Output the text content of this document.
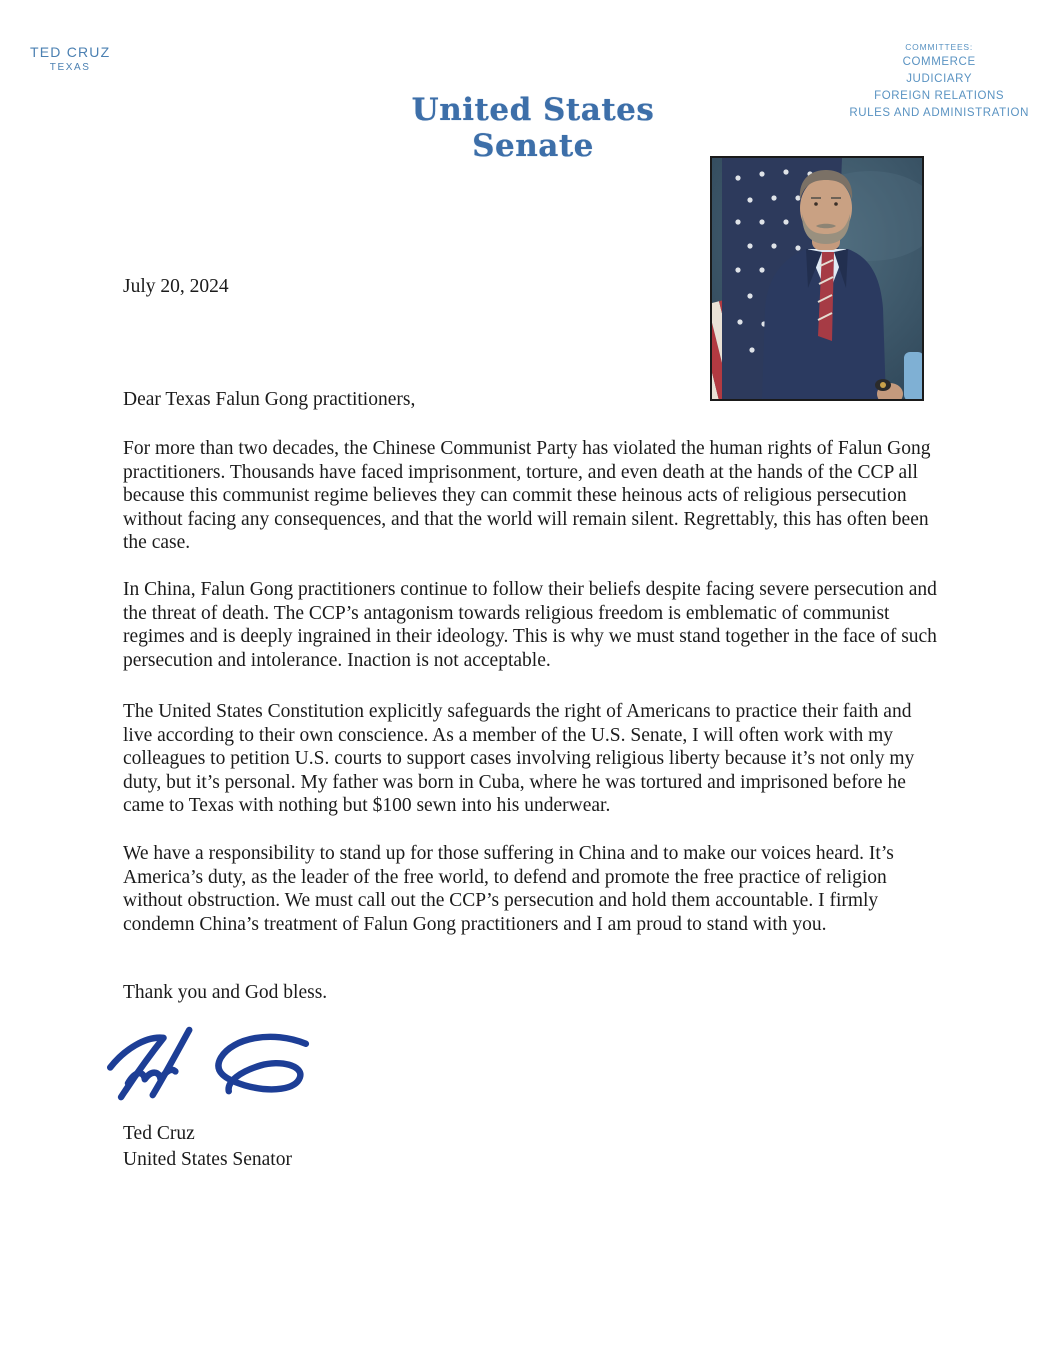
TED CRUZ
TEXAS
United States Senate
COMMITTEES:
COMMERCE
JUDICIARY
FOREIGN RELATIONS
RULES AND ADMINISTRATION
July 20, 2024
Dear Texas Falun Gong practitioners,
For more than two decades, the Chinese Communist Party has violated the human rights of Falun Gong practitioners. Thousands have faced imprisonment, torture, and even death at the hands of the CCP all because this communist regime believes they can commit these heinous acts of religious persecution without facing any consequences, and that the world will remain silent. Regrettably, this has often been the case.
In China, Falun Gong practitioners continue to follow their beliefs despite facing severe persecution and the threat of death. The CCP’s antagonism towards religious freedom is emblematic of communist regimes and is deeply ingrained in their ideology. This is why we must stand together in the face of such persecution and intolerance. Inaction is not acceptable.
The United States Constitution explicitly safeguards the right of Americans to practice their faith and live according to their own conscience. As a member of the U.S. Senate, I will often work with my colleagues to petition U.S. courts to support cases involving religious liberty because it’s not only my duty, but it’s personal. My father was born in Cuba, where he was tortured and imprisoned before he came to Texas with nothing but $100 sewn into his underwear.
We have a responsibility to stand up for those suffering in China and to make our voices heard. It’s America’s duty, as the leader of the free world, to defend and promote the free practice of religion without obstruction. We must call out the CCP’s persecution and hold them accountable. I firmly condemn China’s treatment of Falun Gong practitioners and I am proud to stand with you.
Thank you and God bless.
Ted Cruz
United States Senator
